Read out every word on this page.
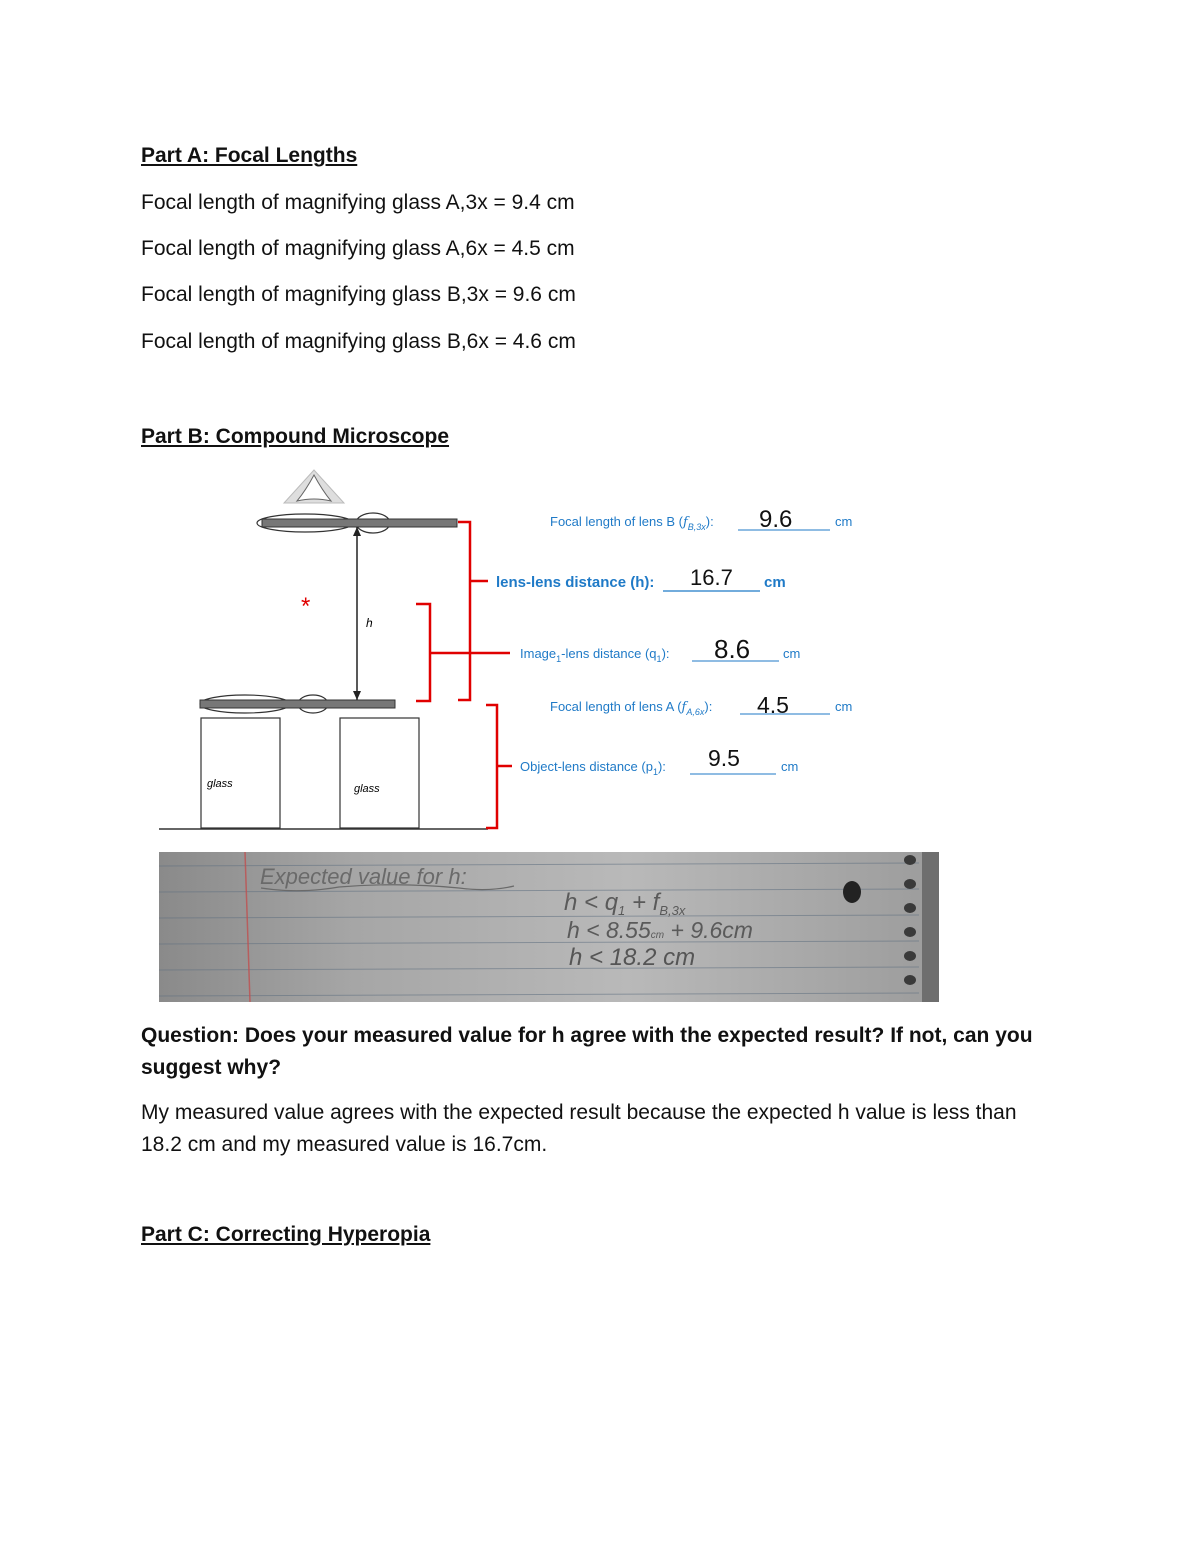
Part A: Focal Lengths
Focal length of magnifying glass A,3x = 9.4 cm
Focal length of magnifying glass A,6x = 4.5 cm
Focal length of magnifying glass B,3x = 9.6 cm
Focal length of magnifying glass B,6x = 4.6 cm
Part B: Compound Microscope
h
*
glass	glass
Focal length of lens B $(f_{B,3x})$: 9.6	cm
lens-lens distance (h): 16.7 cm
Image$_1$-lens distance $(q_1)$: 8.6	cm
Focal length of lens A $(f_{A,6x})$: 4.5	cm
Object-lens distance $(p_1)$: 9.5	cm
Expected value for h:
$h < q_1 + f_{B,3x}$
h < 8.55cm + 9.6cm
h < 18.2 cm
Question: Does your measured value for h agree with the expected result? If not, can you suggest why?
My measured value agrees with the expected result because the expected h value is less than 18.2 cm and my measured value is 16.7cm.
Part C: Correcting Hyperopia
